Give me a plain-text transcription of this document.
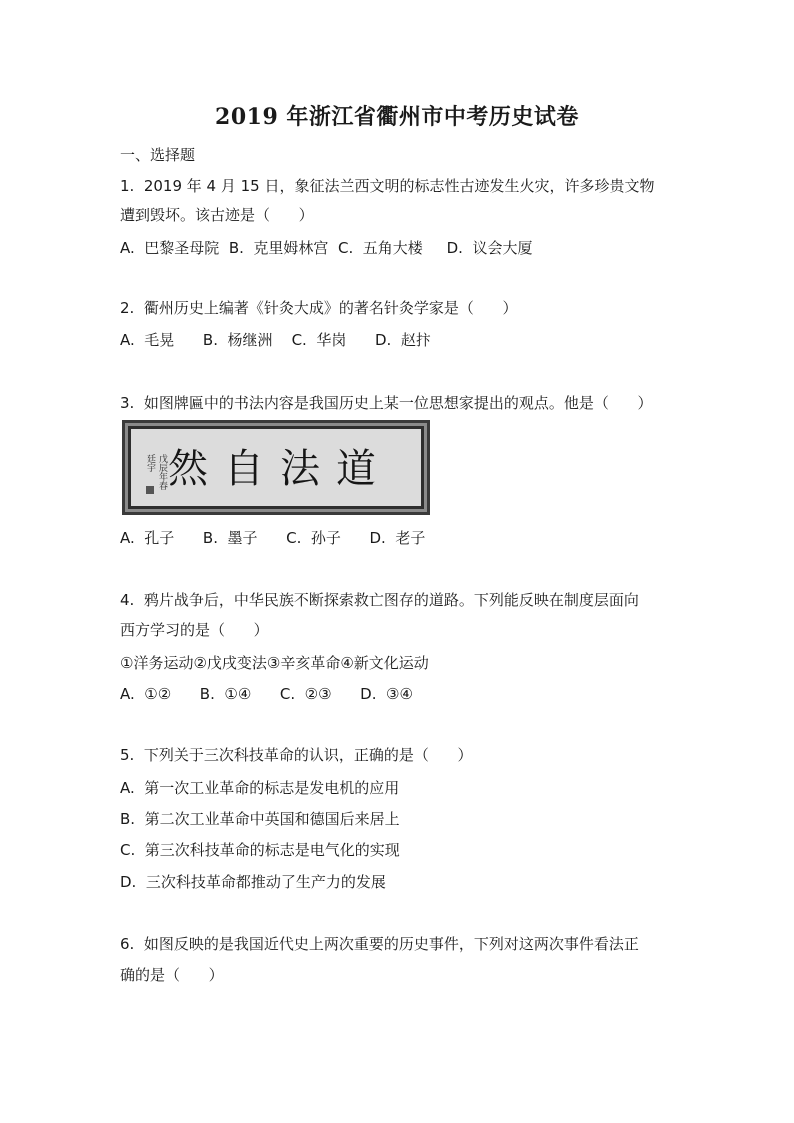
2019 年浙江省衢州市中考历史试卷
一、选择题
1.  2019 年 4 月 15 日，象征法兰西文明的标志性古迹发生火灾，许多珍贵文物
遭到毁坏。该古迹是（      ）
A.  巴黎圣母院  B.  克里姆林宫  C.  五角大楼     D.  议会大厦
2.  衢州历史上编著《针灸大成》的著名针灸学家是（      ）
A.  毛晃      B.  杨继洲    C.  华岗      D.  赵抃
3.  如图牌匾中的书法内容是我国历史上某一位思想家提出的观点。他是（      ）
然自法道
戊辰年春
廷宇
A.  孔子      B.  墨子      C.  孙子      D.  老子
4.  鸦片战争后，中华民族不断探索救亡图存的道路。下列能反映在制度层面向
西方学习的是（      ）
①洋务运动②戊戌变法③辛亥革命④新文化运动
A.  ①②      B.  ①④      C.  ②③      D.  ③④
5.  下列关于三次科技革命的认识，正确的是（      ）
A.  第一次工业革命的标志是发电机的应用
B.  第二次工业革命中英国和德国后来居上
C.  第三次科技革命的标志是电气化的实现
D.  三次科技革命都推动了生产力的发展
6.  如图反映的是我国近代史上两次重要的历史事件，下列对这两次事件看法正
确的是（      ）
